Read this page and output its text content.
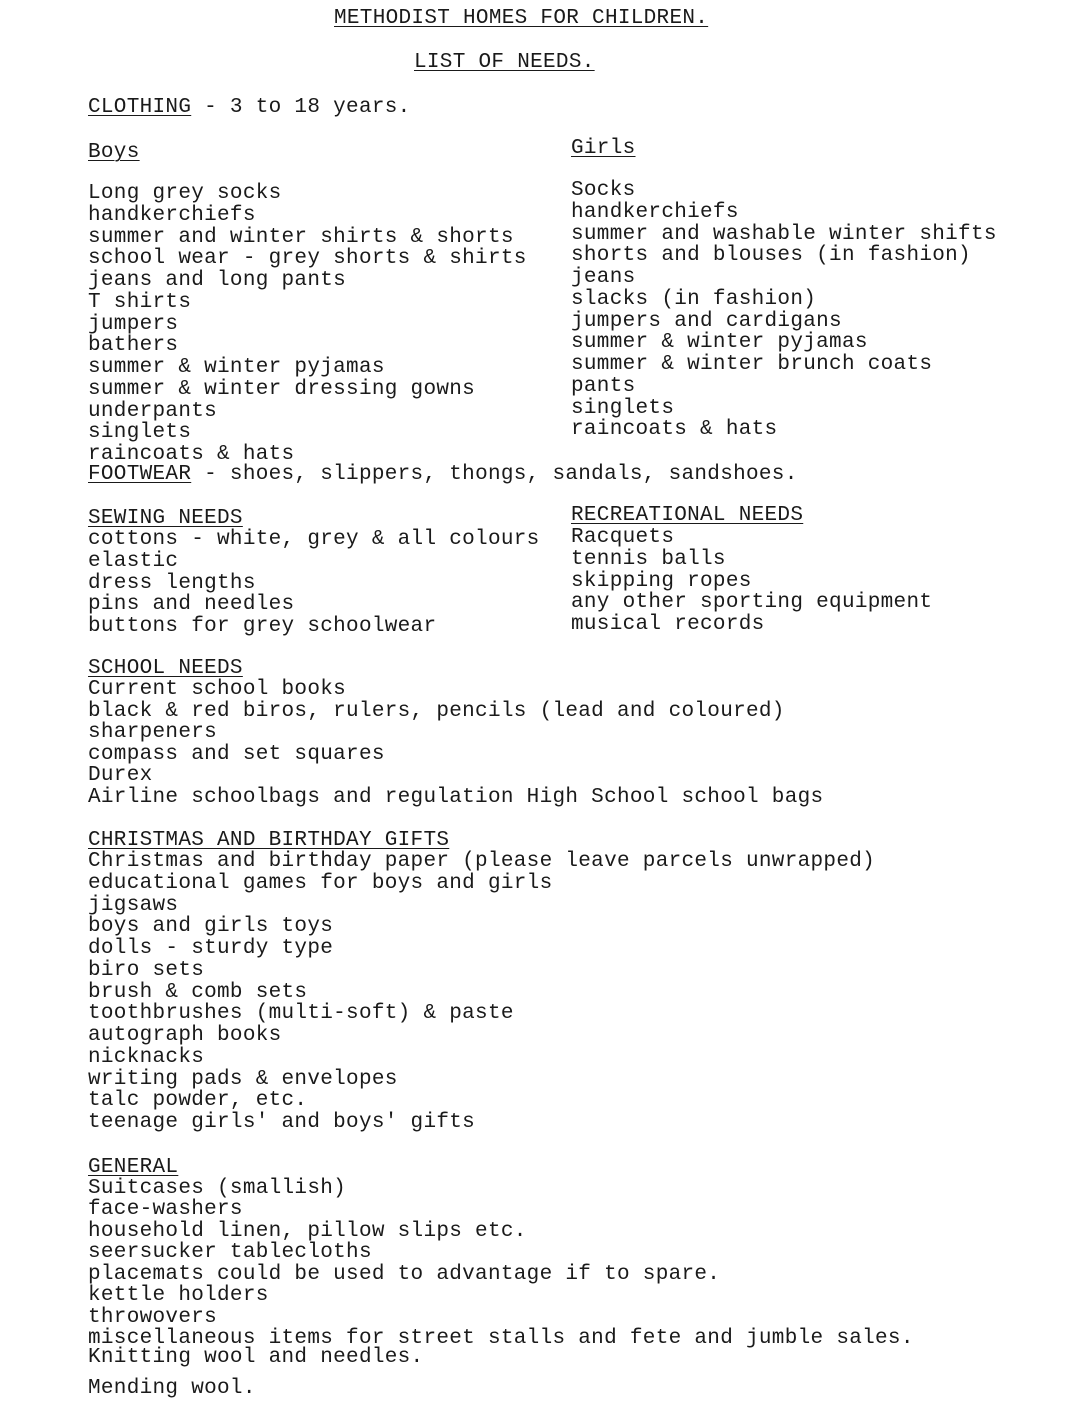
METHODIST HOMES FOR CHILDREN.
LIST OF NEEDS.
CLOTHING - 3 to 18 years.
Boys	Girls
Long grey socks
handkerchiefs
summer and winter shirts & shorts
school wear - grey shorts & shirts
jeans and long pants
T shirts
jumpers
bathers
summer & winter pyjamas
summer & winter dressing gowns
underpants
singlets
raincoats & hats
Socks
handkerchiefs
summer and washable winter shifts
shorts and blouses (in fashion)
jeans
slacks (in fashion)
jumpers and cardigans
summer & winter pyjamas
summer & winter brunch coats
pants
singlets
raincoats & hats
FOOTWEAR - shoes, slippers, thongs, sandals, sandshoes.
SEWING NEEDS	RECREATIONAL NEEDS
cottons - white, grey & all colours
elastic
dress lengths
pins and needles
buttons for grey schoolwear
Racquets
tennis balls
skipping ropes
any other sporting equipment
musical records
SCHOOL NEEDS
Current school books
black & red biros, rulers, pencils (lead and coloured)
sharpeners
compass and set squares
Durex
Airline schoolbags and regulation High School school bags
CHRISTMAS AND BIRTHDAY GIFTS
Christmas and birthday paper (please leave parcels unwrapped)
educational games for boys and girls
jigsaws
boys and girls toys
dolls - sturdy type
biro sets
brush & comb sets
toothbrushes (multi-soft) & paste
autograph books
nicknacks
writing pads & envelopes
talc powder, etc.
teenage girls' and boys' gifts
GENERAL
Suitcases (smallish)
face-washers
household linen, pillow slips etc.
seersucker tablecloths
placemats could be used to advantage if to spare.
kettle holders
throwovers
miscellaneous items for street stalls and fete and jumble sales.
Knitting wool and needles.
Mending wool.
